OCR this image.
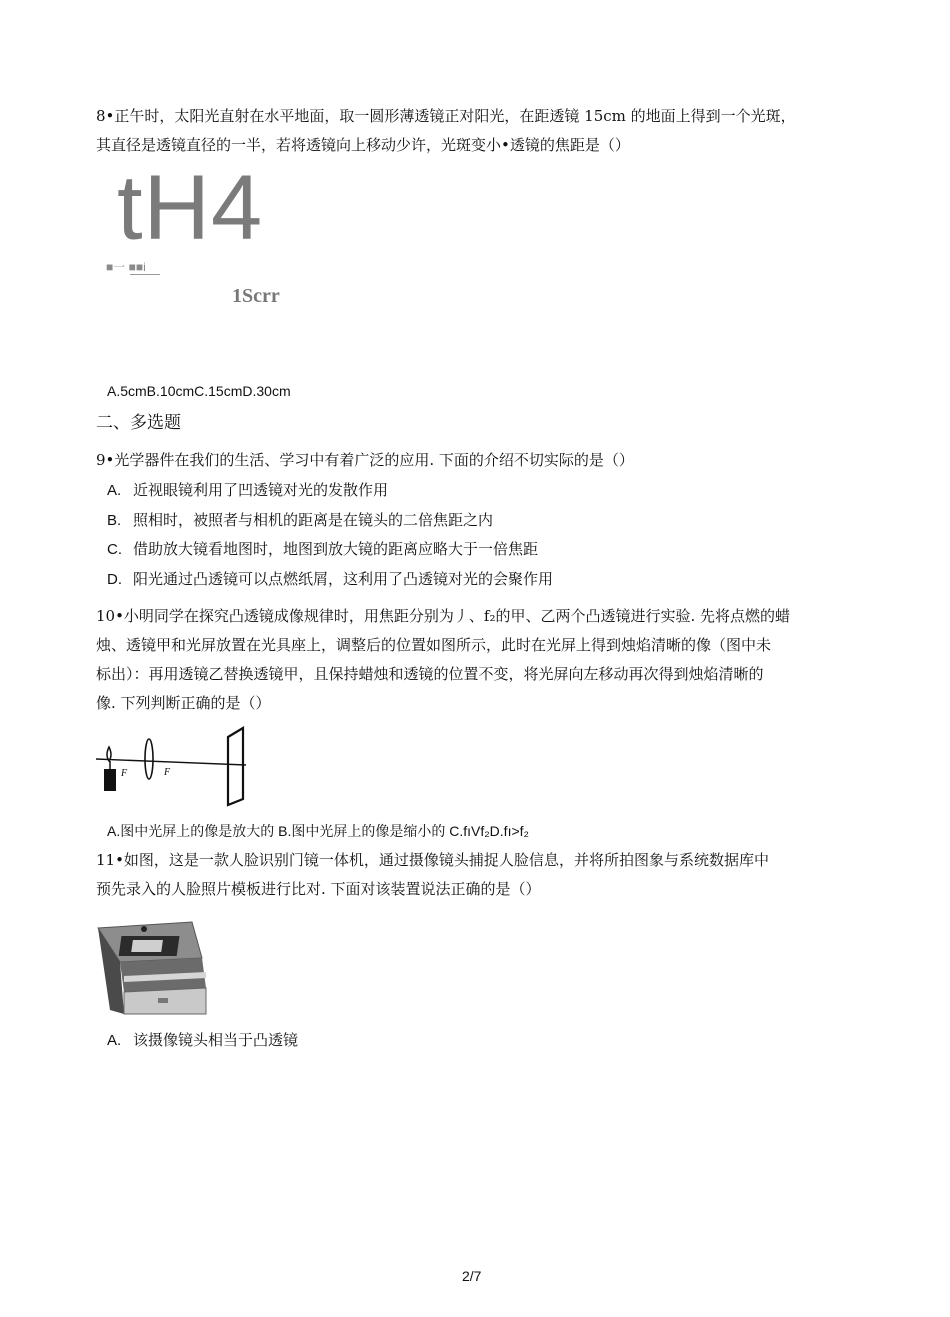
8•正午时，太阳光直射在水平地面，取一圆形薄透镜正对阳光，在距透镜 15cm 的地面上得到一个光斑，
其直径是透镜直径的一半，若将透镜向上移动少许，光斑变小•透镜的焦距是（）
tH4
■一 ■■i
1Scrr
A.5cmB.10cmC.15cmD.30cm
二、多选题
9•光学器件在我们的生活、学习中有着广泛的应用. 下面的介绍不切实际的是（）
A. 近视眼镜利用了凹透镜对光的发散作用
B. 照相时，被照者与相机的距离是在镜头的二倍焦距之内
C. 借助放大镜看地图时，地图到放大镜的距离应略大于一倍焦距
D. 阳光通过凸透镜可以点燃纸屑，这利用了凸透镜对光的会聚作用
10•小明同学在探究凸透镜成像规律时，用焦距分别为丿、f₂的甲、乙两个凸透镜进行实验. 先将点燃的蜡
烛、透镜甲和光屏放置在光具座上，调整后的位置如图所示，此时在光屏上得到烛焰清晰的像（图中未
标出）：再用透镜乙替换透镜甲，且保持蜡烛和透镜的位置不变，将光屏向左移动再次得到烛焰清晰的
像. 下列判断正确的是（）
F	F
A.图中光屏上的像是放大的 B.图中光屏上的像是缩小的 C.fıVf₂D.fı>f₂
11•如图，这是一款人脸识别门镜一体机，通过摄像镜头捕捉人脸信息，并将所拍图象与系统数据库中
预先录入的人脸照片模板进行比对. 下面对该装置说法正确的是（）
A. 该摄像镜头相当于凸透镜
2/7
